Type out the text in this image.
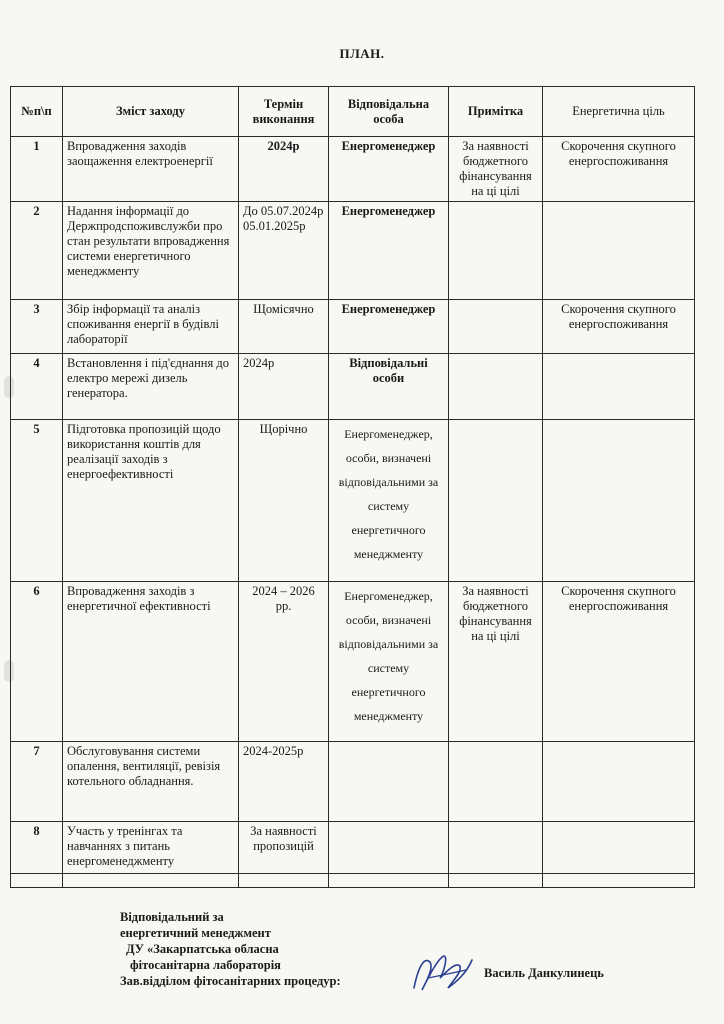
ПЛАН.
№п\п	Зміст заходу	Термін виконання	Відповідальна особа	Примітка	Енергетична ціль
1	Впровадження заходів заощаження електроенергії	2024р	Енергоменеджер	За наявності бюджетного фінансування на ці цілі	Скорочення скупного енергоспоживання
2	Надання інформації до Держпродспоживслужби про стан результати впровадження системи енергетичного менеджменту	До 05.07.2024р 05.01.2025р	Енергоменеджер		
3	Збір інформації та аналіз споживання енергії в будівлі лабораторії	Щомісячно	Енергоменеджер		Скорочення скупного енергоспоживання
4	Встановлення і під'єднання до електро мережі дизель генератора.	2024р	Відповідальні особи		
5	Підготовка пропозицій щодо використання коштів для реалізації заходів з енергоефективності	Щорічно	Енергоменеджер, особи, визначені відповідальними за систему енергетичного менеджменту		
6	Впровадження заходів з енергетичної ефективності	2024 – 2026 рр.	Енергоменеджер, особи, визначені відповідальними за систему енергетичного менеджменту	За наявності бюджетного фінансування на ці цілі	Скорочення скупного енергоспоживання
7	Обслуговування системи опалення, вентиляції, ревізія котельного обладнання.	2024-2025р			
8	Участь у тренінгах та навчаннях з питань енергоменеджменту	За наявності пропозицій			

Відповідальний за
енергетичний менеджмент
ДУ «Закарпатська обласна
фітосанітарна лабораторія
Зав.відділом фітосанітарних процедур:
Василь Данкулинець
